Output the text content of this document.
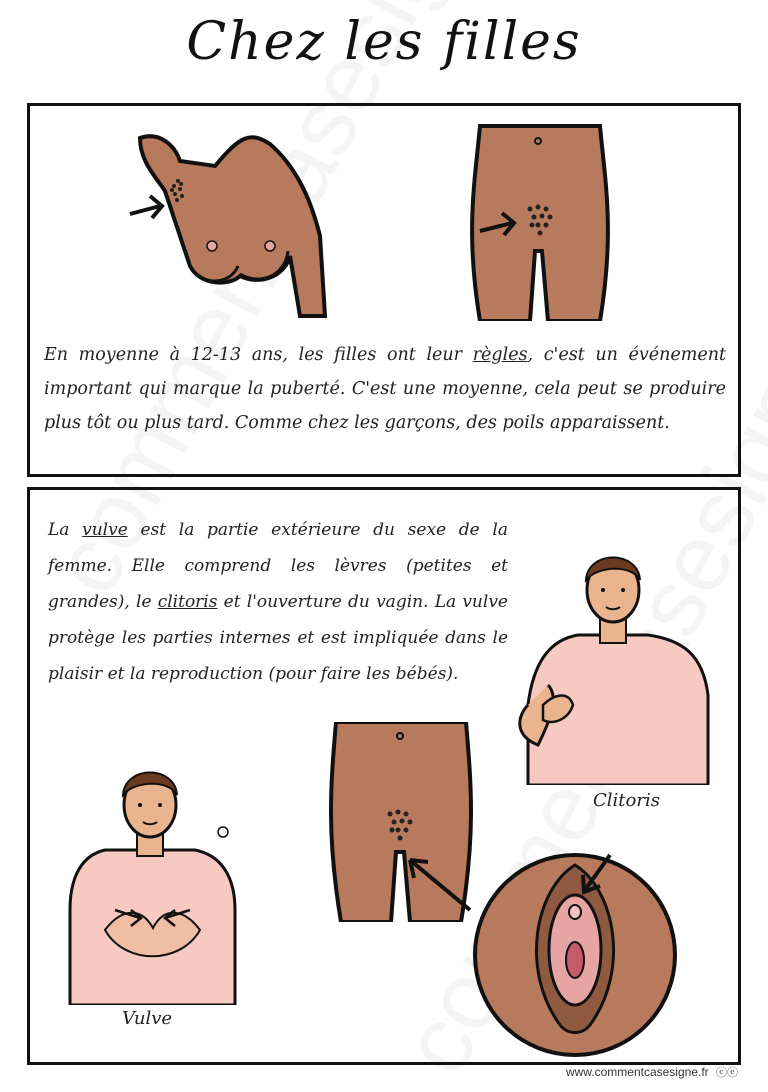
Chez les filles

En moyenne à 12-13 ans, les filles ont leur règles, c'est un événement important qui marque la puberté. C'est une moyenne, cela peut se produire plus tôt ou plus tard. Comme chez les garçons, des poils apparaissent.

La vulve est la partie extérieure du sexe de la femme. Elle comprend les lèvres (petites et grandes), le clitoris et l'ouverture du vagin. La vulve protège les parties internes et est impliquée dans le plaisir et la reproduction (pour faire les bébés).

Clitoris
Vulve
www.commentcasesigne.fr ⓒⓔ
